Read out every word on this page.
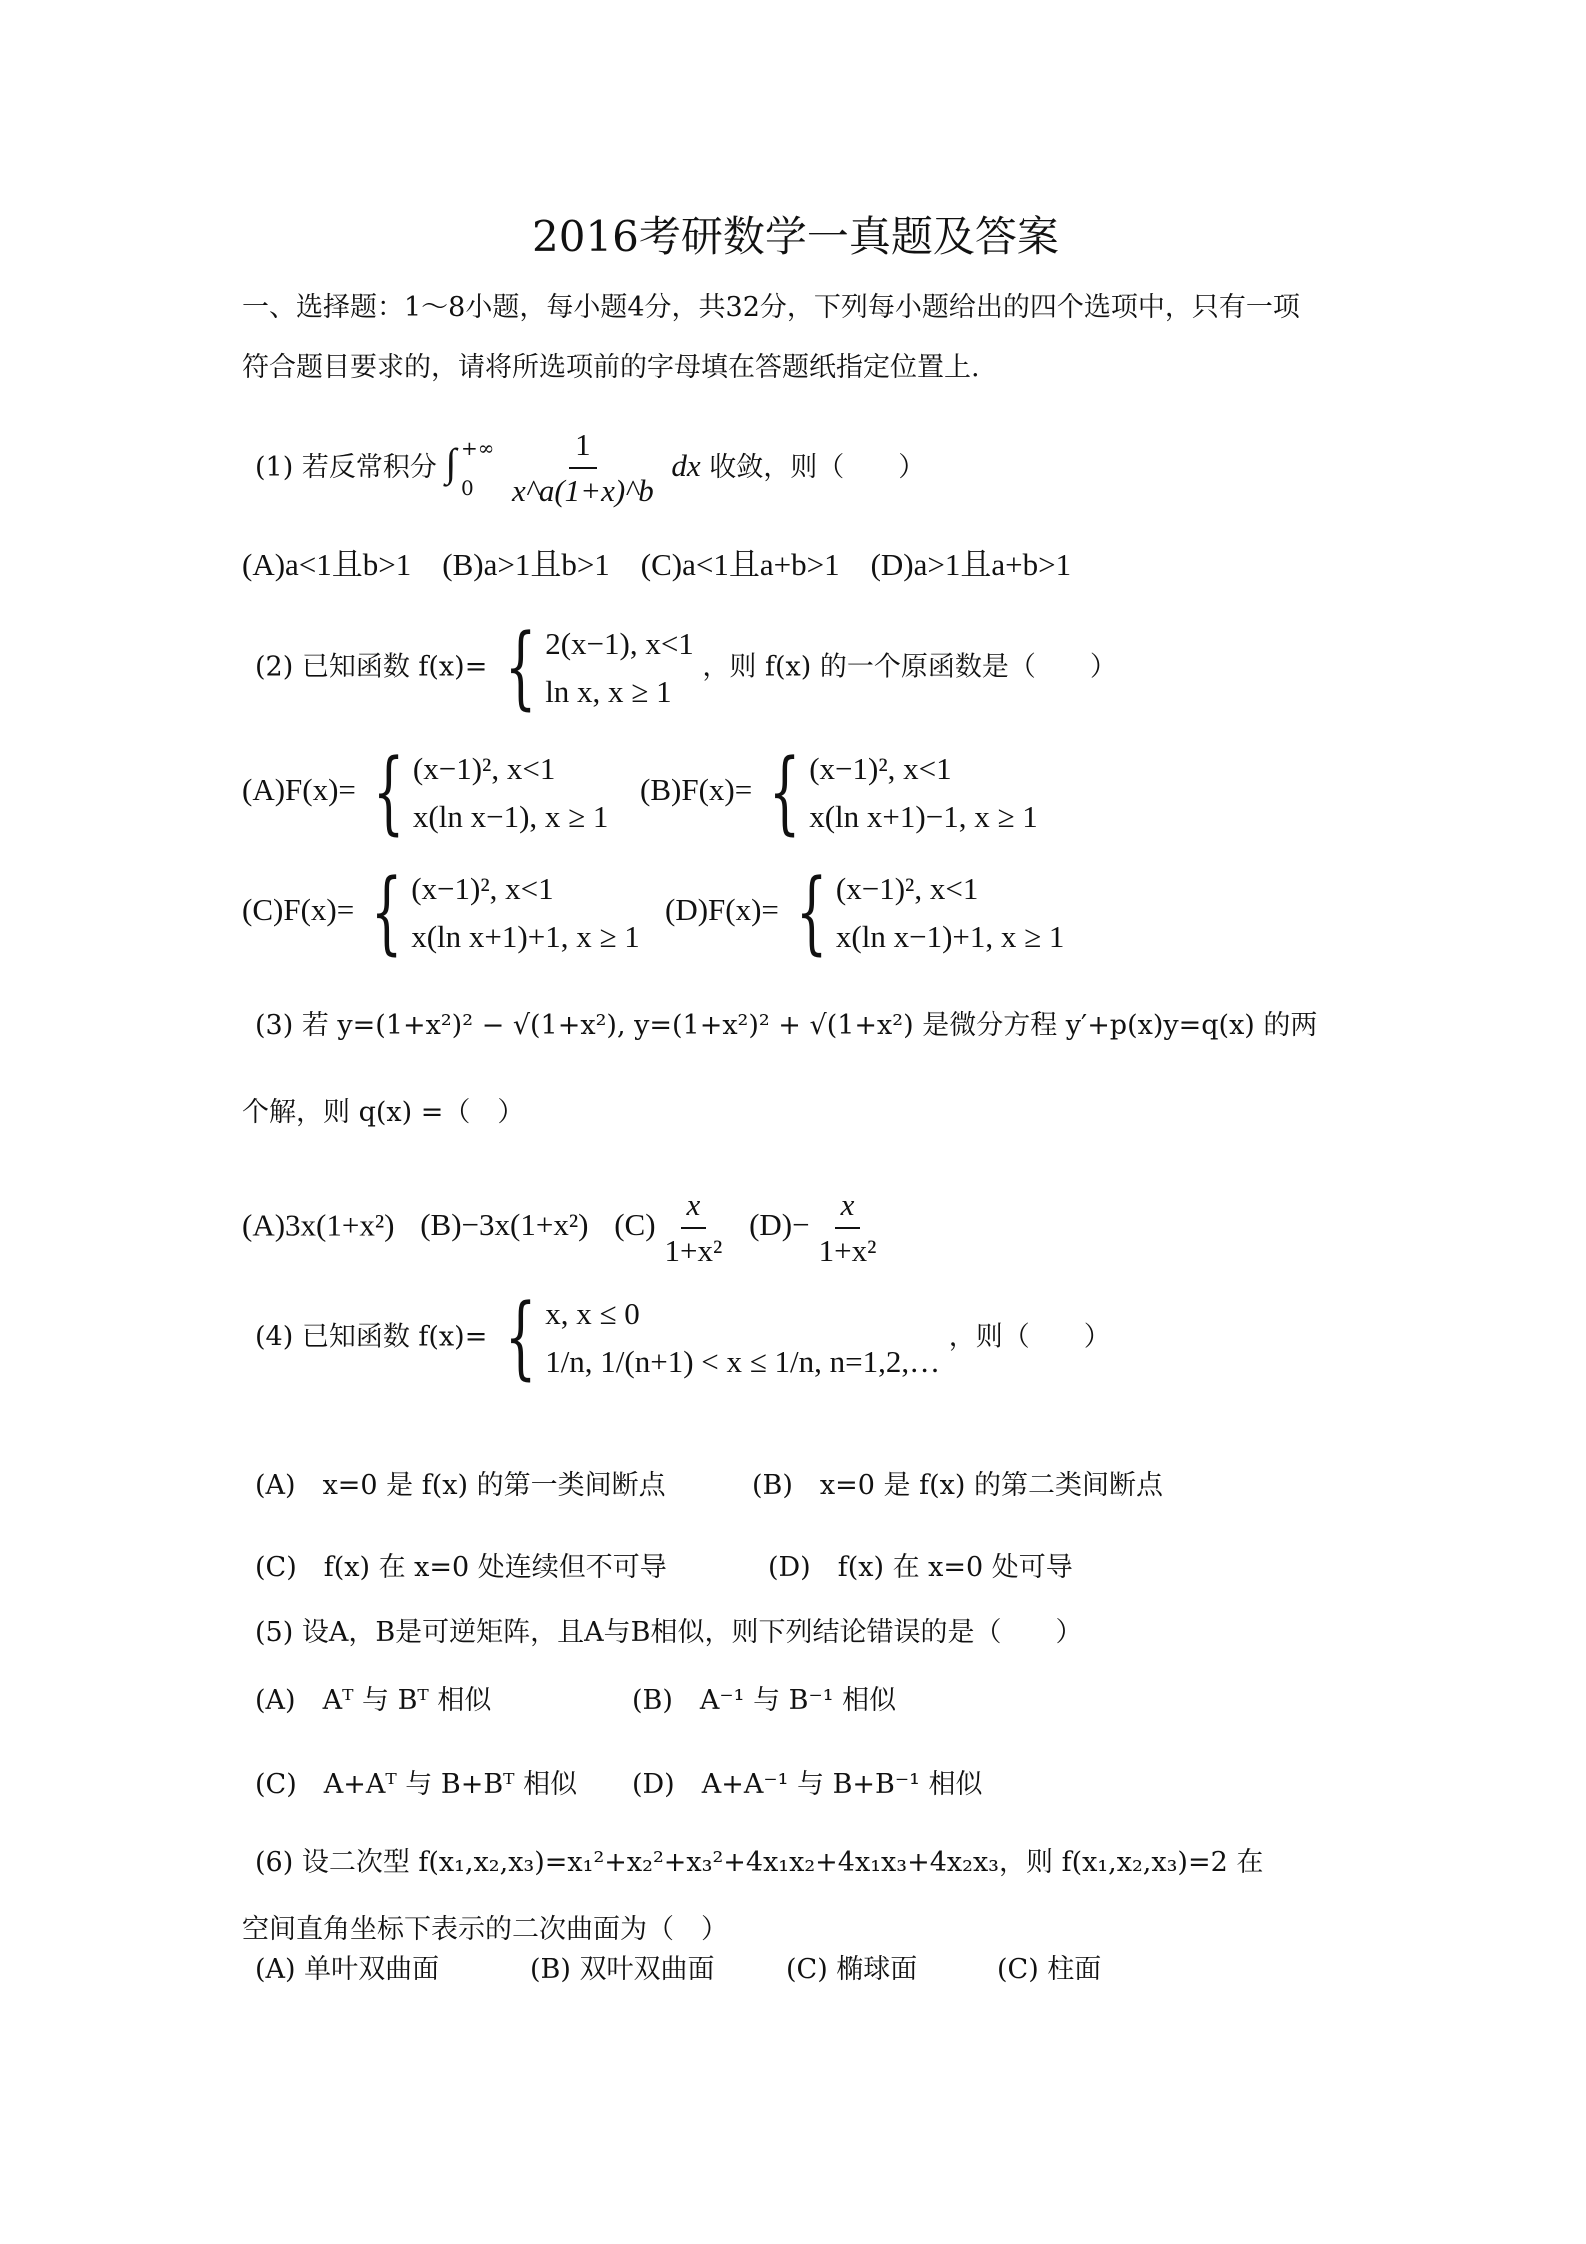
2016考研数学一真题及答案
一、选择题：1～8小题，每小题4分，共32分，下列每小题给出的四个选项中，只有一项
符合题目要求的，请将所选项前的字母填在答题纸指定位置上.
(1) 若反常积分 ∫ +∞
0
	$\frac{1}{x\^{}a(1+x)\^{}b}$ dx 收敛，则（　　）
(A)a<1且b>1　(B)a>1且b>1　(C)a<1且a+b>1　(D)a>1且a+b>1
(2) 已知函数 f(x)= { 2(x−1), x<1
ln x, x ≥ 1
，则 f(x) 的一个原函数是（　　）
(A)F(x)= { (x−1)², x<1
x(ln x−1), x ≥ 1
(B)F(x)= { (x−1)², x<1
x(ln x+1)−1, x ≥ 1
(C)F(x)= { (x−1)², x<1
x(ln x+1)+1, x ≥ 1
(D)F(x)= { (x−1)², x<1
x(ln x−1)+1, x ≥ 1
(3) 若 y=(1+x²)² − √(1+x²), y=(1+x²)² + √(1+x²) 是微分方程 y′+p(x)y=q(x) 的两
个解，则 q(x) =（　）
(A)3x(1+x²) (B)−3x(1+x²) $(C) \frac{x}{\text{1+x²}} (D)- \frac{x}{\text{1+x²}}$
(4) 已知函数 f(x)= { x, x ≤ 0
1/n, 1/(n+1) < x ≤ 1/n, n=1,2,…
，则（　　）
(A)　x=0 是 f(x) 的第一类间断点	(B)　x=0 是 f(x) 的第二类间断点
(C)　f(x) 在 x=0 处连续但不可导	(D)　f(x) 在 x=0 处可导
(5) 设A，B是可逆矩阵，且A与B相似，则下列结论错误的是（　　）
(A)　Aᵀ 与 Bᵀ 相似	(B)　A⁻¹ 与 B⁻¹ 相似
(C)　A+Aᵀ 与 B+Bᵀ 相似 (D)　A+A⁻¹ 与 B+B⁻¹ 相似
(6) 设二次型 f(x₁,x₂,x₃)=x₁²+x₂²+x₃²+4x₁x₂+4x₁x₃+4x₂x₃，则 f(x₁,x₂,x₃)=2 在
空间直角坐标下表示的二次曲面为（　）
(A) 单叶双曲面	(B) 双叶双曲面	(C) 椭球面	(C) 柱面
